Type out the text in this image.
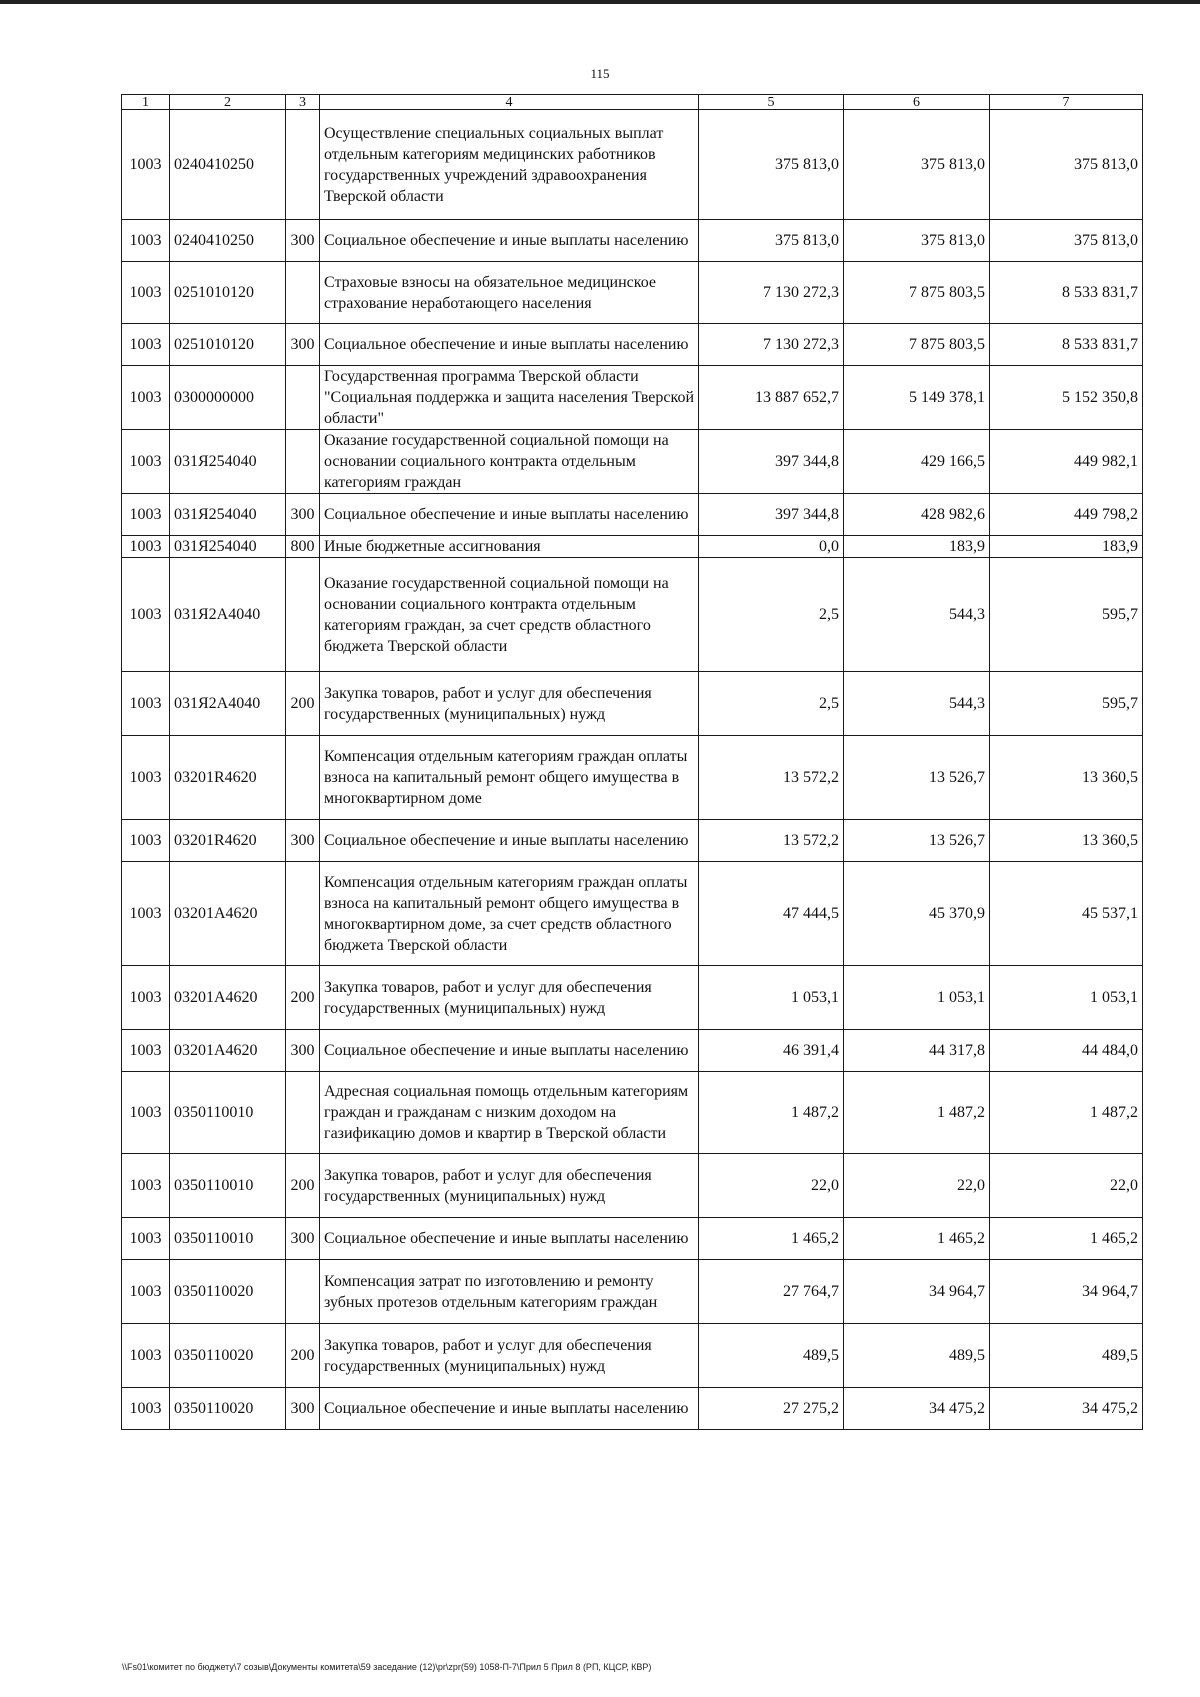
115
1	2	3	4	5	6	7
1003	0240410250		Осуществление специальных социальных выплат отдельным категориям медицинских работников государственных учреждений здравоохранения Тверской области	375 813,0	375 813,0	375 813,0
1003	0240410250	300	Социальное обеспечение и иные выплаты населению	375 813,0	375 813,0	375 813,0
1003	0251010120		Страховые взносы на обязательное медицинское страхование неработающего населения	7 130 272,3	7 875 803,5	8 533 831,7
1003	0251010120	300	Социальное обеспечение и иные выплаты населению	7 130 272,3	7 875 803,5	8 533 831,7
1003	0300000000		Государственная программа Тверской области "Социальная поддержка и защита населения Тверской области"	13 887 652,7	5 149 378,1	5 152 350,8
1003	031Я254040		Оказание государственной социальной помощи на основании социального контракта отдельным категориям граждан	397 344,8	429 166,5	449 982,1
1003	031Я254040	300	Социальное обеспечение и иные выплаты населению	397 344,8	428 982,6	449 798,2
1003	031Я254040	800	Иные бюджетные ассигнования	0,0	183,9	183,9
1003	031Я2А4040		Оказание государственной социальной помощи на основании социального контракта отдельным категориям граждан, за счет средств областного бюджета Тверской области	2,5	544,3	595,7
1003	031Я2А4040	200	Закупка товаров, работ и услуг для обеспечения государственных (муниципальных) нужд	2,5	544,3	595,7
1003	03201R4620		Компенсация отдельным категориям граждан оплаты взноса на капитальный ремонт общего имущества в многоквартирном доме	13 572,2	13 526,7	13 360,5
1003	03201R4620	300	Социальное обеспечение и иные выплаты населению	13 572,2	13 526,7	13 360,5
1003	03201А4620		Компенсация отдельным категориям граждан оплаты взноса на капитальный ремонт общего имущества в многоквартирном доме, за счет средств областного бюджета Тверской области	47 444,5	45 370,9	45 537,1
1003	03201А4620	200	Закупка товаров, работ и услуг для обеспечения государственных (муниципальных) нужд	1 053,1	1 053,1	1 053,1
1003	03201А4620	300	Социальное обеспечение и иные выплаты населению	46 391,4	44 317,8	44 484,0
1003	0350110010		Адресная социальная помощь отдельным категориям граждан и гражданам с низким доходом на газификацию домов и квартир в Тверской области	1 487,2	1 487,2	1 487,2
1003	0350110010	200	Закупка товаров, работ и услуг для обеспечения государственных (муниципальных) нужд	22,0	22,0	22,0
1003	0350110010	300	Социальное обеспечение и иные выплаты населению	1 465,2	1 465,2	1 465,2
1003	0350110020		Компенсация затрат по изготовлению и ремонту зубных протезов отдельным категориям граждан	27 764,7	34 964,7	34 964,7
1003	0350110020	200	Закупка товаров, работ и услуг для обеспечения государственных (муниципальных) нужд	489,5	489,5	489,5
1003	0350110020	300	Социальное обеспечение и иные выплаты населению	27 275,2	34 475,2	34 475,2
\\Fs01\комитет по бюджету\7 созыв\Документы комитета\59 заседание (12)\pr\zpr(59) 1058-П-7\Прил 5 Прил 8 (РП, КЦСР, КВР)
